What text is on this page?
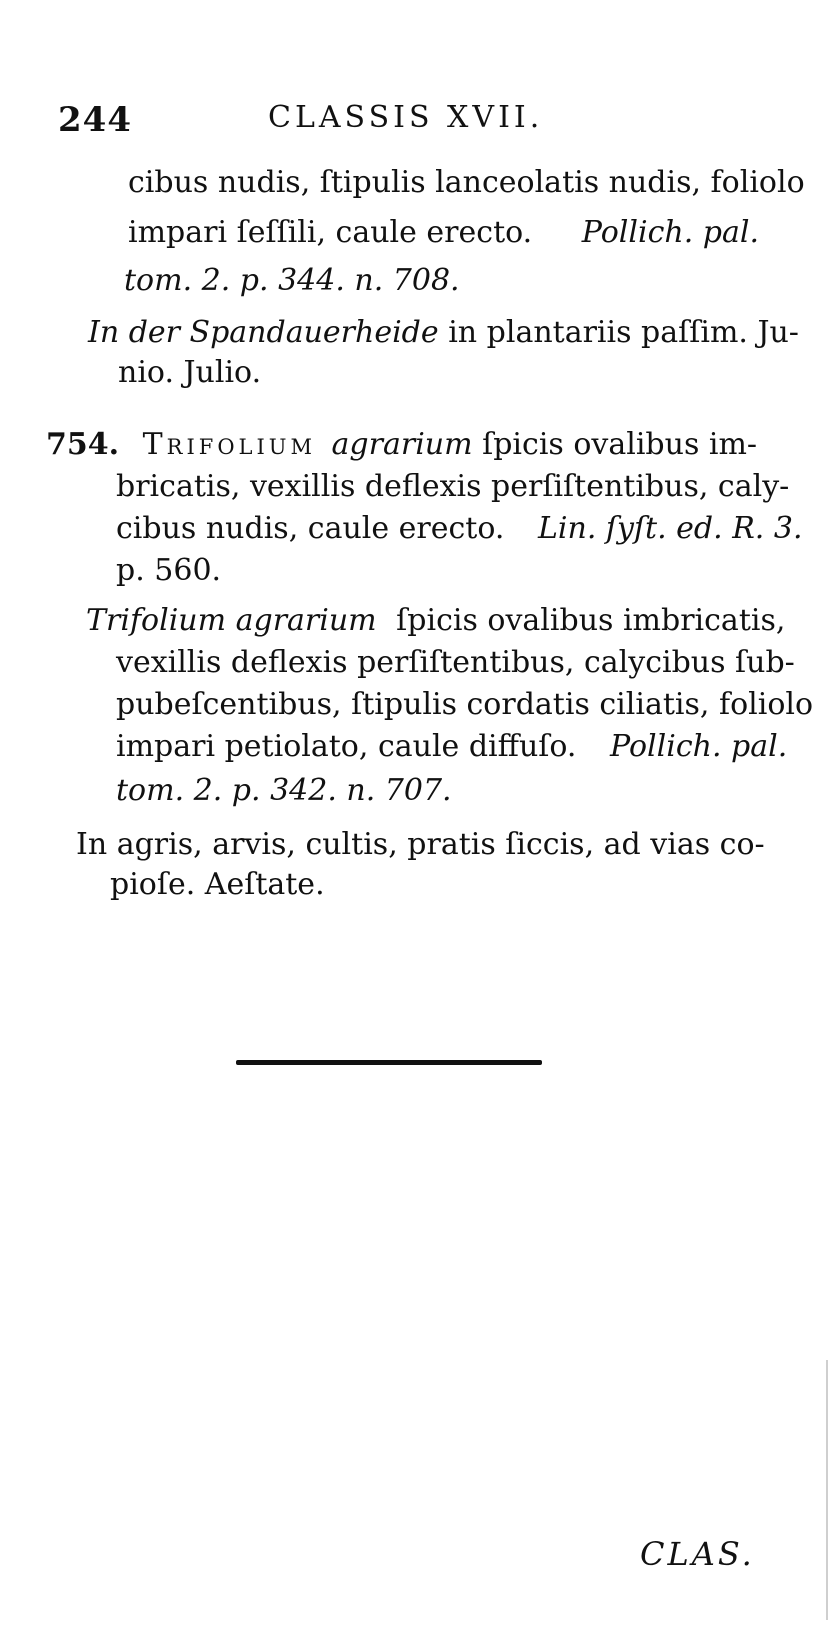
244	CLASSIS XVII.
cibus nudis, ſtipulis lanceolatis nudis, foliolo
impari ſeſſili, caule erecto. Pollich. pal.
tom. 2. p. 344. n. 708.
In der Spandauerheide in plantariis paſſim. Ju-
nio. Julio.
754. Trifolium agrarium ſpicis ovalibus im-
bricatis, vexillis deflexis perſiſtentibus, caly-
cibus nudis, caule erecto. Lin. ſyſt. ed. R. 3.
p. 560.
Trifolium agrarium ſpicis ovalibus imbricatis,
vexillis deflexis perſiſtentibus, calycibus ſub-
pubeſcentibus, ſtipulis cordatis ciliatis, foliolo
impari petiolato, caule diffuſo. Pollich. pal.
tom. 2. p. 342. n. 707.
In agris, arvis, cultis, pratis ſiccis, ad vias co-
pioſe. Aeſtate.
CLAS.
